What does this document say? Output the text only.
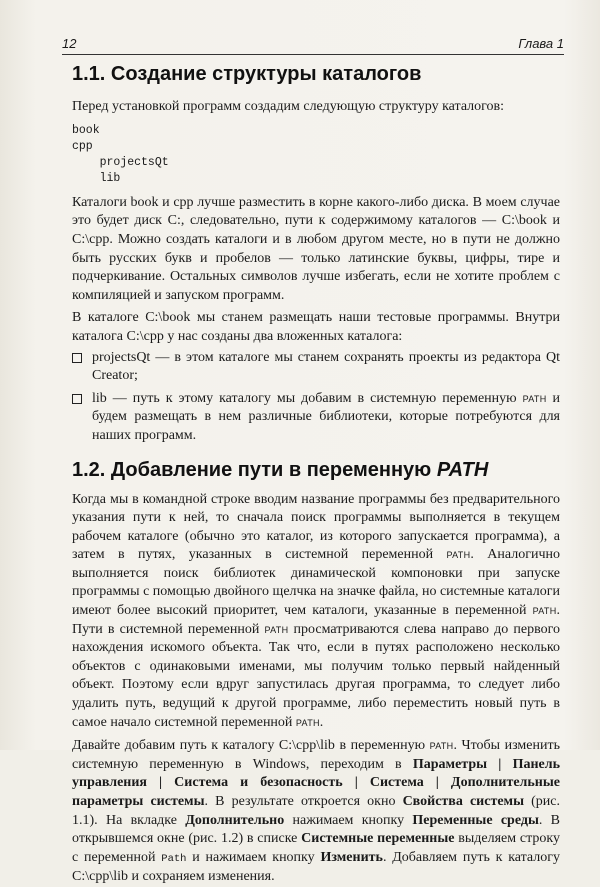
12	Глава 1
1.1. Создание структуры каталогов

Перед установкой программ создадим следующую структуру каталогов:

book
cpp
projectsQt
lib

Каталоги book и cpp лучше разместить в корне какого-либо диска. В моем случае это будет диск C:, следовательно, пути к содержимому каталогов — C:\book и C:\cpp. Можно создать каталоги и в любом другом месте, но в пути не должно быть русских букв и пробелов — только латинские буквы, цифры, тире и подчеркивание. Остальных символов лучше избегать, если не хотите проблем с компиляцией и запуском программ.

В каталоге C:\book мы станем размещать наши тестовые программы. Внутри каталога C:\cpp у нас созданы два вложенных каталога:

projectsQt — в этом каталоге мы станем сохранять проекты из редактора Qt Creator;

lib — путь к этому каталогу мы добавим в системную переменную PATH и будем размещать в нем различные библиотеки, которые потребуются для наших программ.

1.2. Добавление пути в переменную PATH

Когда мы в командной строке вводим название программы без предварительного указания пути к ней, то сначала поиск программы выполняется в текущем рабочем каталоге (обычно это каталог, из которого запускается программа), а затем в путях, указанных в системной переменной PATH. Аналогично выполняется поиск библиотек динамической компоновки при запуске программы с помощью двойного щелчка на значке файла, но системные каталоги имеют более высокий приоритет, чем каталоги, указанные в переменной PATH. Пути в системной переменной PATH просматриваются слева направо до первого нахождения искомого объекта. Так что, если в путях расположено несколько объектов с одинаковыми именами, мы получим только первый найденный объект. Поэтому если вдруг запустилась другая программа, то следует либо удалить путь, ведущий к другой программе, либо переместить новый путь в самое начало системной переменной PATH.

Давайте добавим путь к каталогу C:\cpp\lib в переменную PATH. Чтобы изменить системную переменную в Windows, переходим в Параметры | Панель управления | Система и безопасность | Система | Дополнительные параметры системы. В результате откроется окно Свойства системы (рис. 1.1). На вкладке Дополнительно нажимаем кнопку Переменные среды. В открывшемся окне (рис. 1.2) в списке Системные переменные выделяем строку с переменной Path и нажимаем кнопку Изменить. Добавляем путь к каталогу C:\cpp\lib и сохраняем изменения.
